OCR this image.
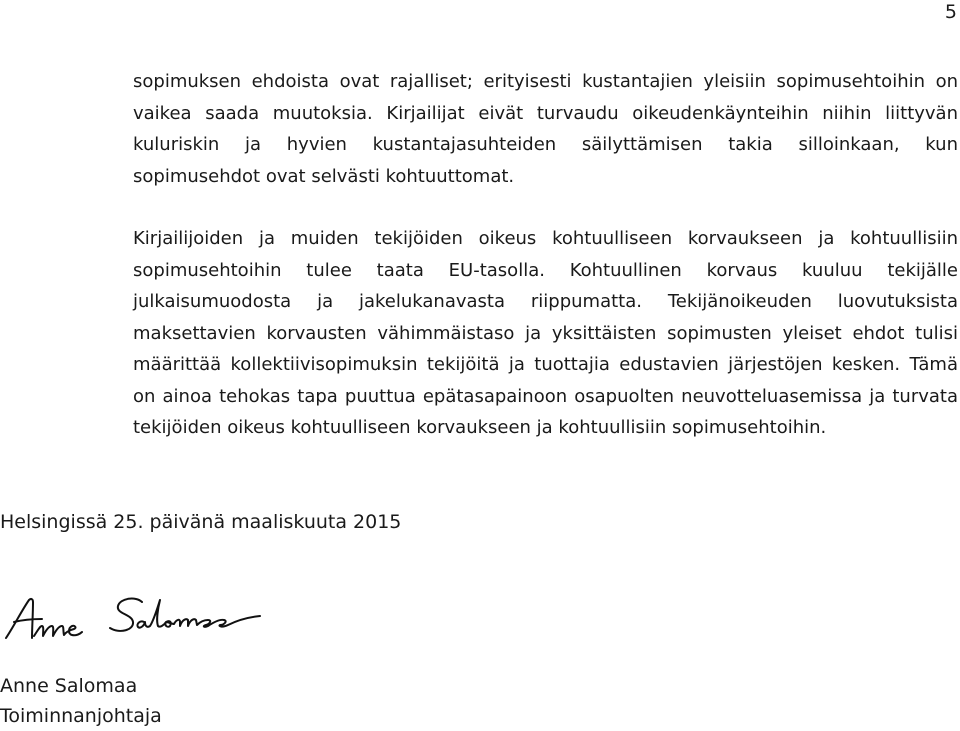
5
sopimuksen ehdoista ovat rajalliset; erityisesti kustantajien yleisiin sopimusehtoihin on
vaikea saada muutoksia. Kirjailijat eivät turvaudu oikeudenkäynteihin niihin liittyvän
kuluriskin ja hyvien kustantajasuhteiden säilyttämisen takia silloinkaan, kun
sopimusehdot ovat selvästi kohtuuttomat.
Kirjailijoiden ja muiden tekijöiden oikeus kohtuulliseen korvaukseen ja kohtuullisiin
sopimusehtoihin tulee taata EU-tasolla. Kohtuullinen korvaus kuuluu tekijälle
julkaisumuodosta ja jakelukanavasta riippumatta. Tekijänoikeuden luovutuksista
maksettavien korvausten vähimmäistaso ja yksittäisten sopimusten yleiset ehdot tulisi
määrittää kollektiivisopimuksin tekijöitä ja tuottajia edustavien järjestöjen kesken. Tämä
on ainoa tehokas tapa puuttua epätasapainoon osapuolten neuvotteluasemissa ja turvata
tekijöiden oikeus kohtuulliseen korvaukseen ja kohtuullisiin sopimusehtoihin.

Helsingissä 25. päivänä maaliskuuta 2015

Anne Salomaa

Toiminnanjohtaja
